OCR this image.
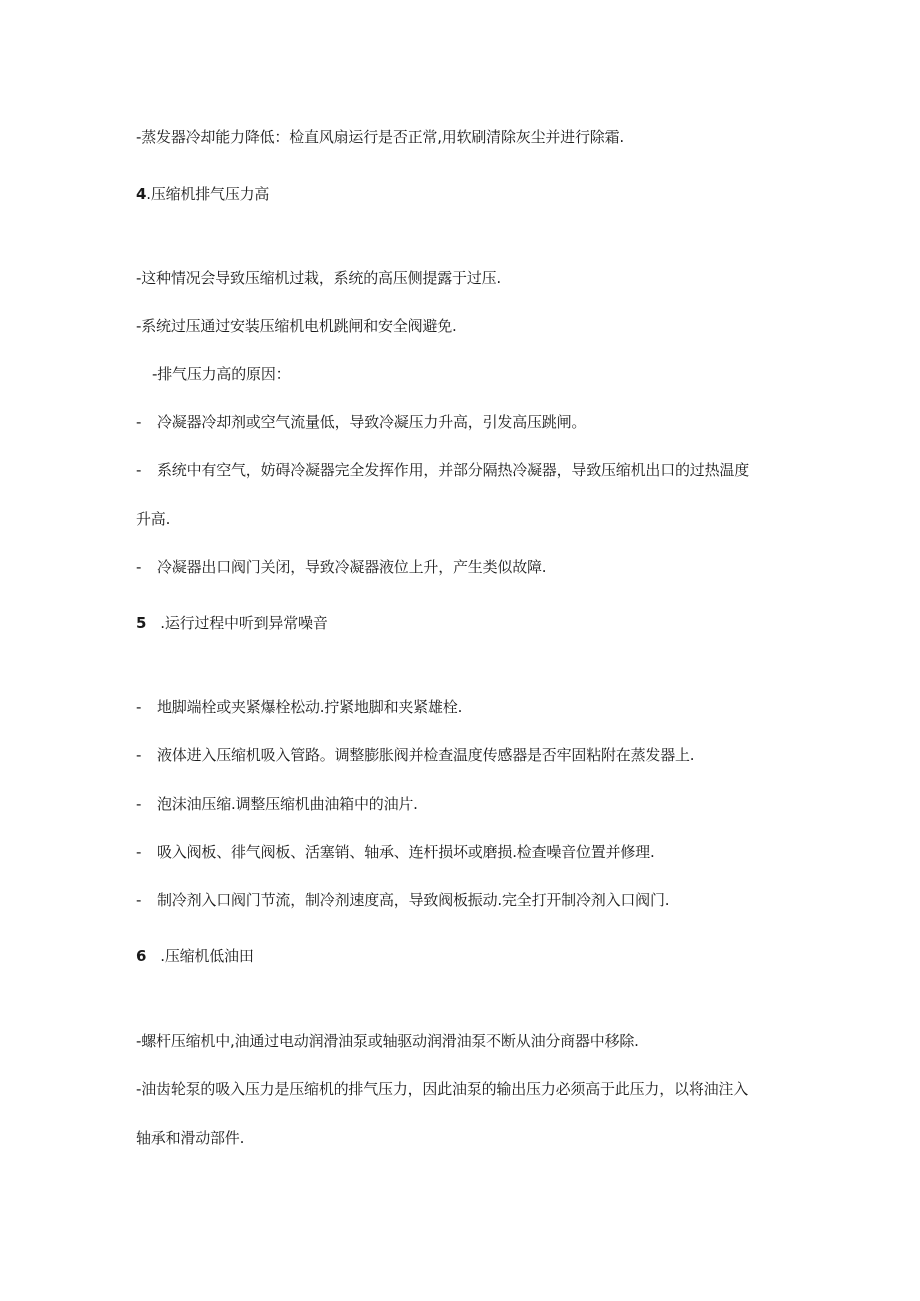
-蒸发器冷却能力降低：检直风扇运行是否正常,用软刷清除灰尘并进行除霜.
4.压缩机排气压力高
-这种情况会导致压缩机过栽，系统的高压侧提露于过压.
-系统过压通过安装压缩机电机跳闸和安全阀避免.
-排气压力高的原因：
- 冷凝器冷却剂或空气流量低，导致冷凝压力升高，引发高压跳闸。
- 系统中有空气，妨碍冷凝器完全发挥作用，并部分隔热冷凝器，导致压缩机出口的过热温度
升高.
- 冷凝器出口阀门关闭，导致冷凝器液位上升，产生类似故障.
5 .运行过程中听到异常噪音
- 地脚端栓或夹紧爆栓松动.拧紧地脚和夹紧雄栓.
- 液体进入压缩机吸入管路。调整膨胀阀并检查温度传感器是否牢固粘附在蒸发器上.
- 泡沫油压缩.调整压缩机曲油箱中的油片.
- 吸入阀板、徘气阀板、活塞销、轴承、连杆损坏或磨损.检查噪音位置并修理.
- 制冷剂入口阀门节流，制冷剂速度高，导致阀板振动.完全打开制冷剂入口阀门.
6 .压缩机低油田
-螺杆压缩机中,油通过电动润滑油泵或轴驱动润滑油泵不断从油分商器中移除.
-油齿轮泵的吸入压力是压缩机的排气压力，因此油泵的输出压力必须高于此压力，以将油注入
轴承和滑动部件.
